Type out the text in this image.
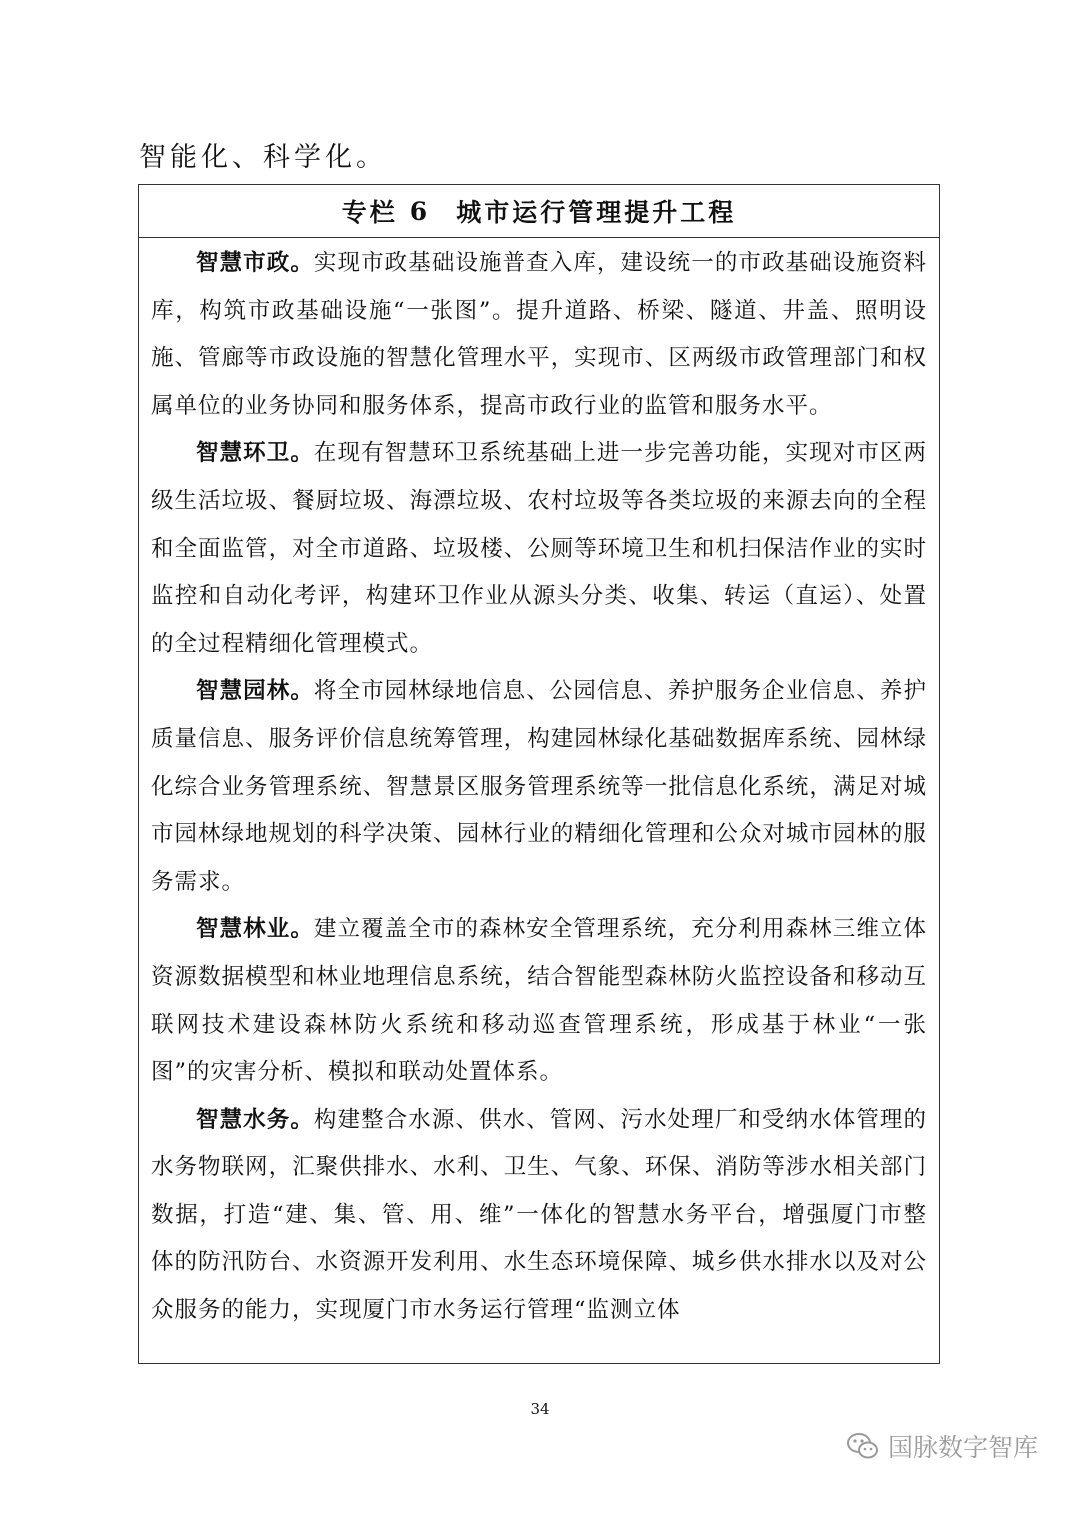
智能化、科学化。
专栏 6 城市运行管理提升工程

智慧市政。实现市政基础设施普查入库，建设统一的市政基础设施资料库，构筑市政基础设施“一张图”。提升道路、桥梁、隧道、井盖、照明设施、管廊等市政设施的智慧化管理水平，实现市、区两级市政管理部门和权属单位的业务协同和服务体系，提高市政行业的监管和服务水平。

智慧环卫。在现有智慧环卫系统基础上进一步完善功能，实现对市区两级生活垃圾、餐厨垃圾、海漂垃圾、农村垃圾等各类垃圾的来源去向的全程和全面监管，对全市道路、垃圾楼、公厕等环境卫生和机扫保洁作业的实时监控和自动化考评，构建环卫作业从源头分类、收集、转运（直运）、处置的全过程精细化管理模式。

智慧园林。将全市园林绿地信息、公园信息、养护服务企业信息、养护质量信息、服务评价信息统筹管理，构建园林绿化基础数据库系统、园林绿化综合业务管理系统、智慧景区服务管理系统等一批信息化系统，满足对城市园林绿地规划的科学决策、园林行业的精细化管理和公众对城市园林的服务需求。

智慧林业。建立覆盖全市的森林安全管理系统，充分利用森林三维立体资源数据模型和林业地理信息系统，结合智能型森林防火监控设备和移动互联网技术建设森林防火系统和移动巡查管理系统，形成基于林业“一张图”的灾害分析、模拟和联动处置体系。

智慧水务。构建整合水源、供水、管网、污水处理厂和受纳水体管理的水务物联网，汇聚供排水、水利、卫生、气象、环保、消防等涉水相关部门数据，打造“建、集、管、用、维”一体化的智慧水务平台，增强厦门市整体的防汛防台、水资源开发利用、水生态环境保障、城乡供水排水以及对公众服务的能力，实现厦门市水务运行管理“监测立体

34
国脉数字智库
